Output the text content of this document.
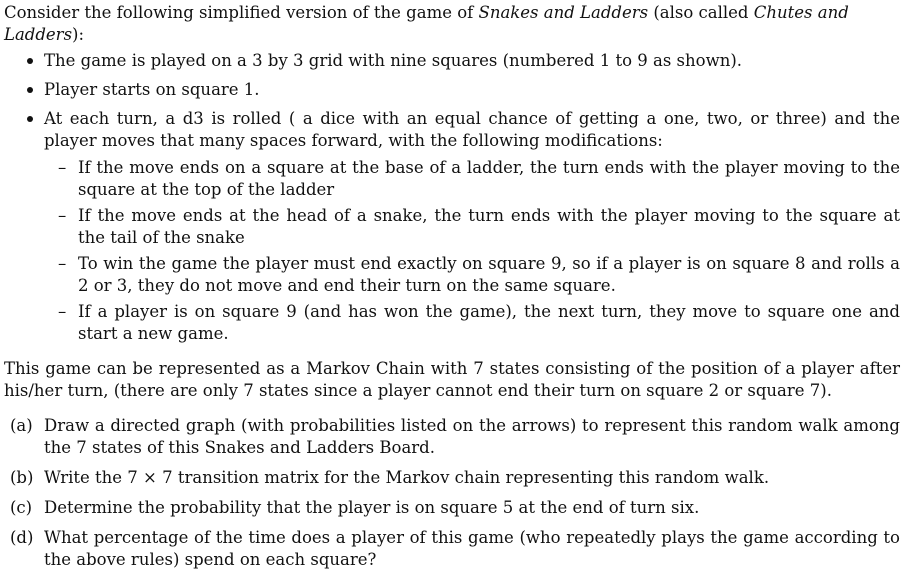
Consider the following simplified version of the game of Snakes and Ladders (also called Chutes and Ladders):

The game is played on a 3 by 3 grid with nine squares (numbered 1 to 9 as shown).
Player starts on square 1.
At each turn, a d3 is rolled ( a dice with an equal chance of getting a one, two, or three) and the player moves that many spaces forward, with the following modifications:
– If the move ends on a square at the base of a ladder, the turn ends with the player moving to the square at the top of the ladder
– If the move ends at the head of a snake, the turn ends with the player moving to the square at the tail of the snake
– To win the game the player must end exactly on square 9, so if a player is on square 8 and rolls a 2 or 3, they do not move and end their turn on the same square.
– If a player is on square 9 (and has won the game), the next turn, they move to square one and start a new game.

This game can be represented as a Markov Chain with 7 states consisting of the position of a player after his/her turn, (there are only 7 states since a player cannot end their turn on square 2 or square 7).

(a) Draw a directed graph (with probabilities listed on the arrows) to represent this random walk among the 7 states of this Snakes and Ladders Board.
(b) Write the 7 × 7 transition matrix for the Markov chain representing this random walk.
(c) Determine the probability that the player is on square 5 at the end of turn six.
(d) What percentage of the time does a player of this game (who repeatedly plays the game according to the above rules) spend on each square?
